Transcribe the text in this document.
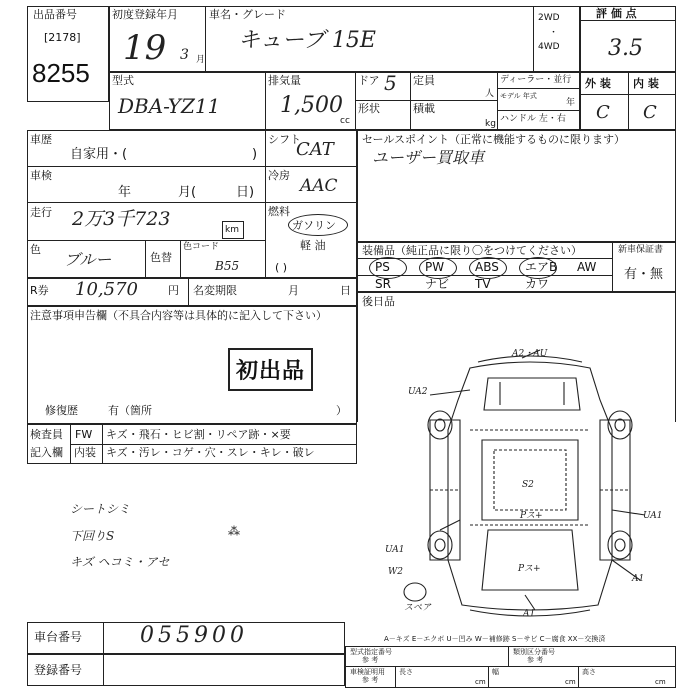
出品番号
[2178]
8255
初度登録年月
19 3 月
車名・グレード
キューブ 15E
2WD
・
4WD
評 価 点
3.5
型式
DBA-YZ11
排気量
1,500
cc
ドア 5 定員
人
形状	積載
kg
ディーラー・並行
モデル 年式
年
ハンドル 左・右
外 装 内 装
C C
車歴
自家用・(	)
シフト
CAT
車検
年	月(	日)
冷房
AAC
走行 2万3千723	km
燃料
ガソリン
軽 油
( )
色
ブルー	色替
色コード
B55
セールスポイント（正常に機能するものに限ります）
ユーザー買取車
装備品（純正品に限り〇をつけてください）	新車保証書
有・無
PS	PW	ABS エアB AW
SR	ナビ TV	カワ
後日品
R券 10,570	円 名変期限	月	日
注意事項申告欄（不具合内容等は具体的に記入して下さい）
初出品
修復歴	有（箇所	）
検査員
記入欄
FW キズ・飛石・ヒビ割・リペア跡・×要
内装 キズ・汚レ・コゲ・穴・スレ・キレ・破レ
シートシミ
下回りS
キズ ヘコミ・アセ
⁂
A2・AU
UA2
S2
UA1
A1
UA1
W2
スペア
A1
Pス+
Pス+
車台番号	055900
登録番号
A－キズ E－エクボ U－凹み W－補修跡 S－サビ C－腐食 XX－交換済
型式指定番号
参 考
類別区分番号
参 考
車検証明用
参 考
長さ
cm
幅
cm
高さ
cm
